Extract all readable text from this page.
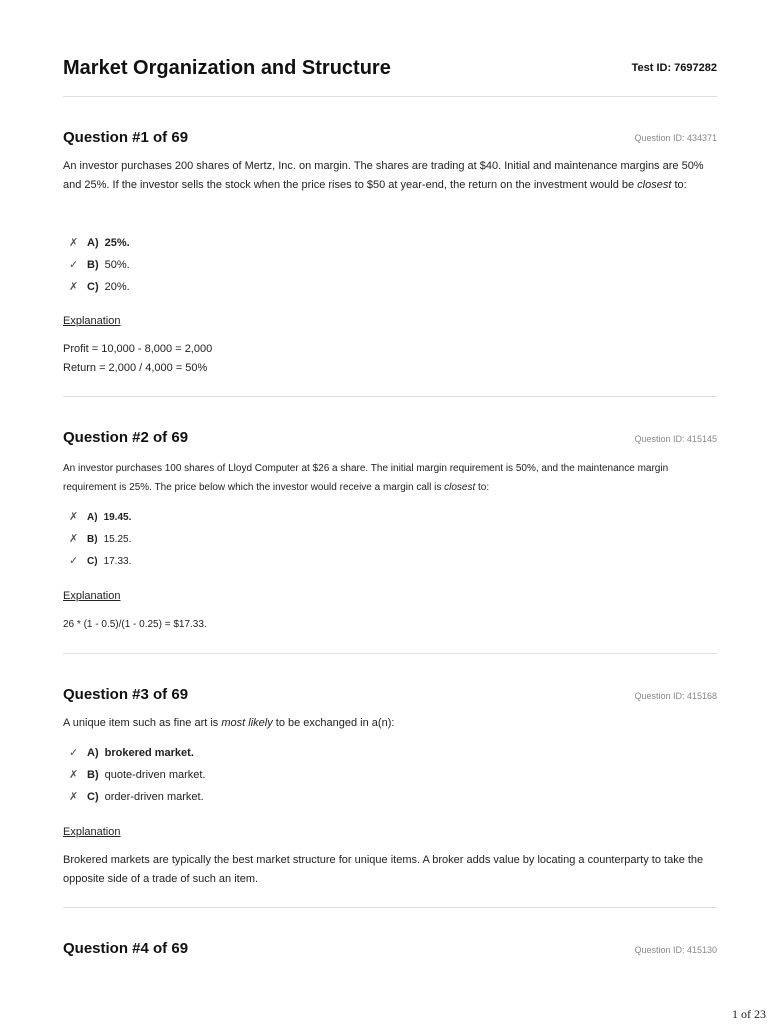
Market Organization and Structure	Test ID: 7697282
Question #1 of 69	Question ID: 434371
An investor purchases 200 shares of Mertz, Inc. on margin. The shares are trading at $40. Initial and maintenance margins are 50% and 25%. If the investor sells the stock when the price rises to $50 at year-end, the return on the investment would be closest to:
✗ A) 25%.
✓ B) 50%.
✗ C) 20%.
Explanation
Profit = 10,000 - 8,000 = 2,000
Return = 2,000 / 4,000 = 50%
Question #2 of 69	Question ID: 415145
An investor purchases 100 shares of Lloyd Computer at $26 a share. The initial margin requirement is 50%, and the maintenance margin requirement is 25%. The price below which the investor would receive a margin call is closest to:
✗ A) 19.45.
✗ B) 15.25.
✓ C) 17.33.
Explanation
26 * (1 - 0.5)/(1 - 0.25) = $17.33.
Question #3 of 69	Question ID: 415168
A unique item such as fine art is most likely to be exchanged in a(n):
✓ A) brokered market.
✗ B) quote-driven market.
✗ C) order-driven market.
Explanation
Brokered markets are typically the best market structure for unique items. A broker adds value by locating a counterparty to take the opposite side of a trade of such an item.
Question #4 of 69	Question ID: 415130
1 of 23
